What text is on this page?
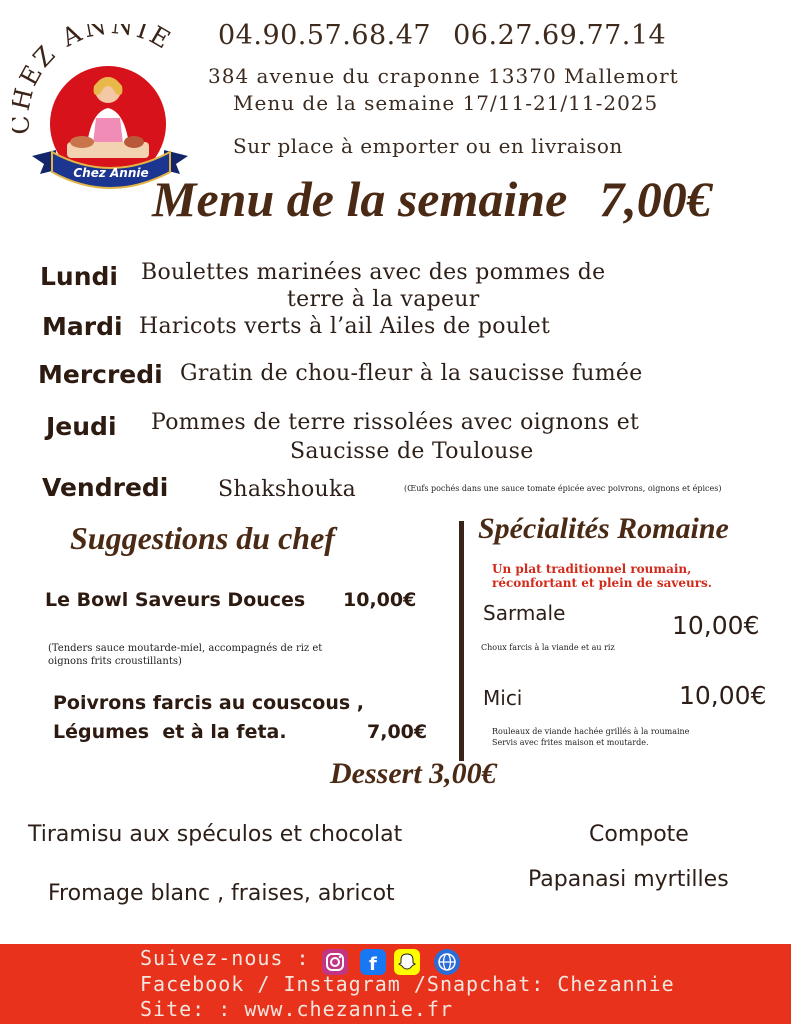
EZ ANNIE
Chez Annie
04.90.57.68.47 06.27.69.77.14
384 avenue du craponne 13370 Mallemort
Menu de la semaine 17/11-21/11-2025
Sur place à emporter ou en livraison
Menu de la semaine 7,00€
Lundi Boulettes marinées avec des pommes de
terre à la vapeur
Mardi Haricots verts à l’ail Ailes de poulet
Mercredi Gratin de chou-fleur à la saucisse fumée
Jeudi Pommes de terre rissolées avec oignons et
Saucisse de Toulouse
Vendredi Shakshouka	(Œufs pochés dans une sauce tomate épicée avec poivrons, oignons et épices)
Suggestions du chef
Le Bowl Saveurs Douces 10,00€
(Tenders sauce moutarde-miel, accompagnés de riz et
oignons frits croustillants)
Poivrons farcis au couscous ,
Légumes  et à la feta.	7,00€
Spécialités Romaine
Un plat traditionnel roumain,
réconfortant et plein de saveurs.
Sarmale	10,00€
Choux farcis à la viande et au riz
Mici	10,00€
Rouleaux de viande hachée grillés à la roumaine
Servis avec frites maison et moutarde.
Dessert 3,00€
Tiramisu aux spéculos et chocolat
Fromage blanc , fraises, abricot
Compote
Papanasi myrtilles
Suivez-nous :	f
Facebook / Instagram /Snapchat: Chezannie
Site: : www.chezannie.fr
